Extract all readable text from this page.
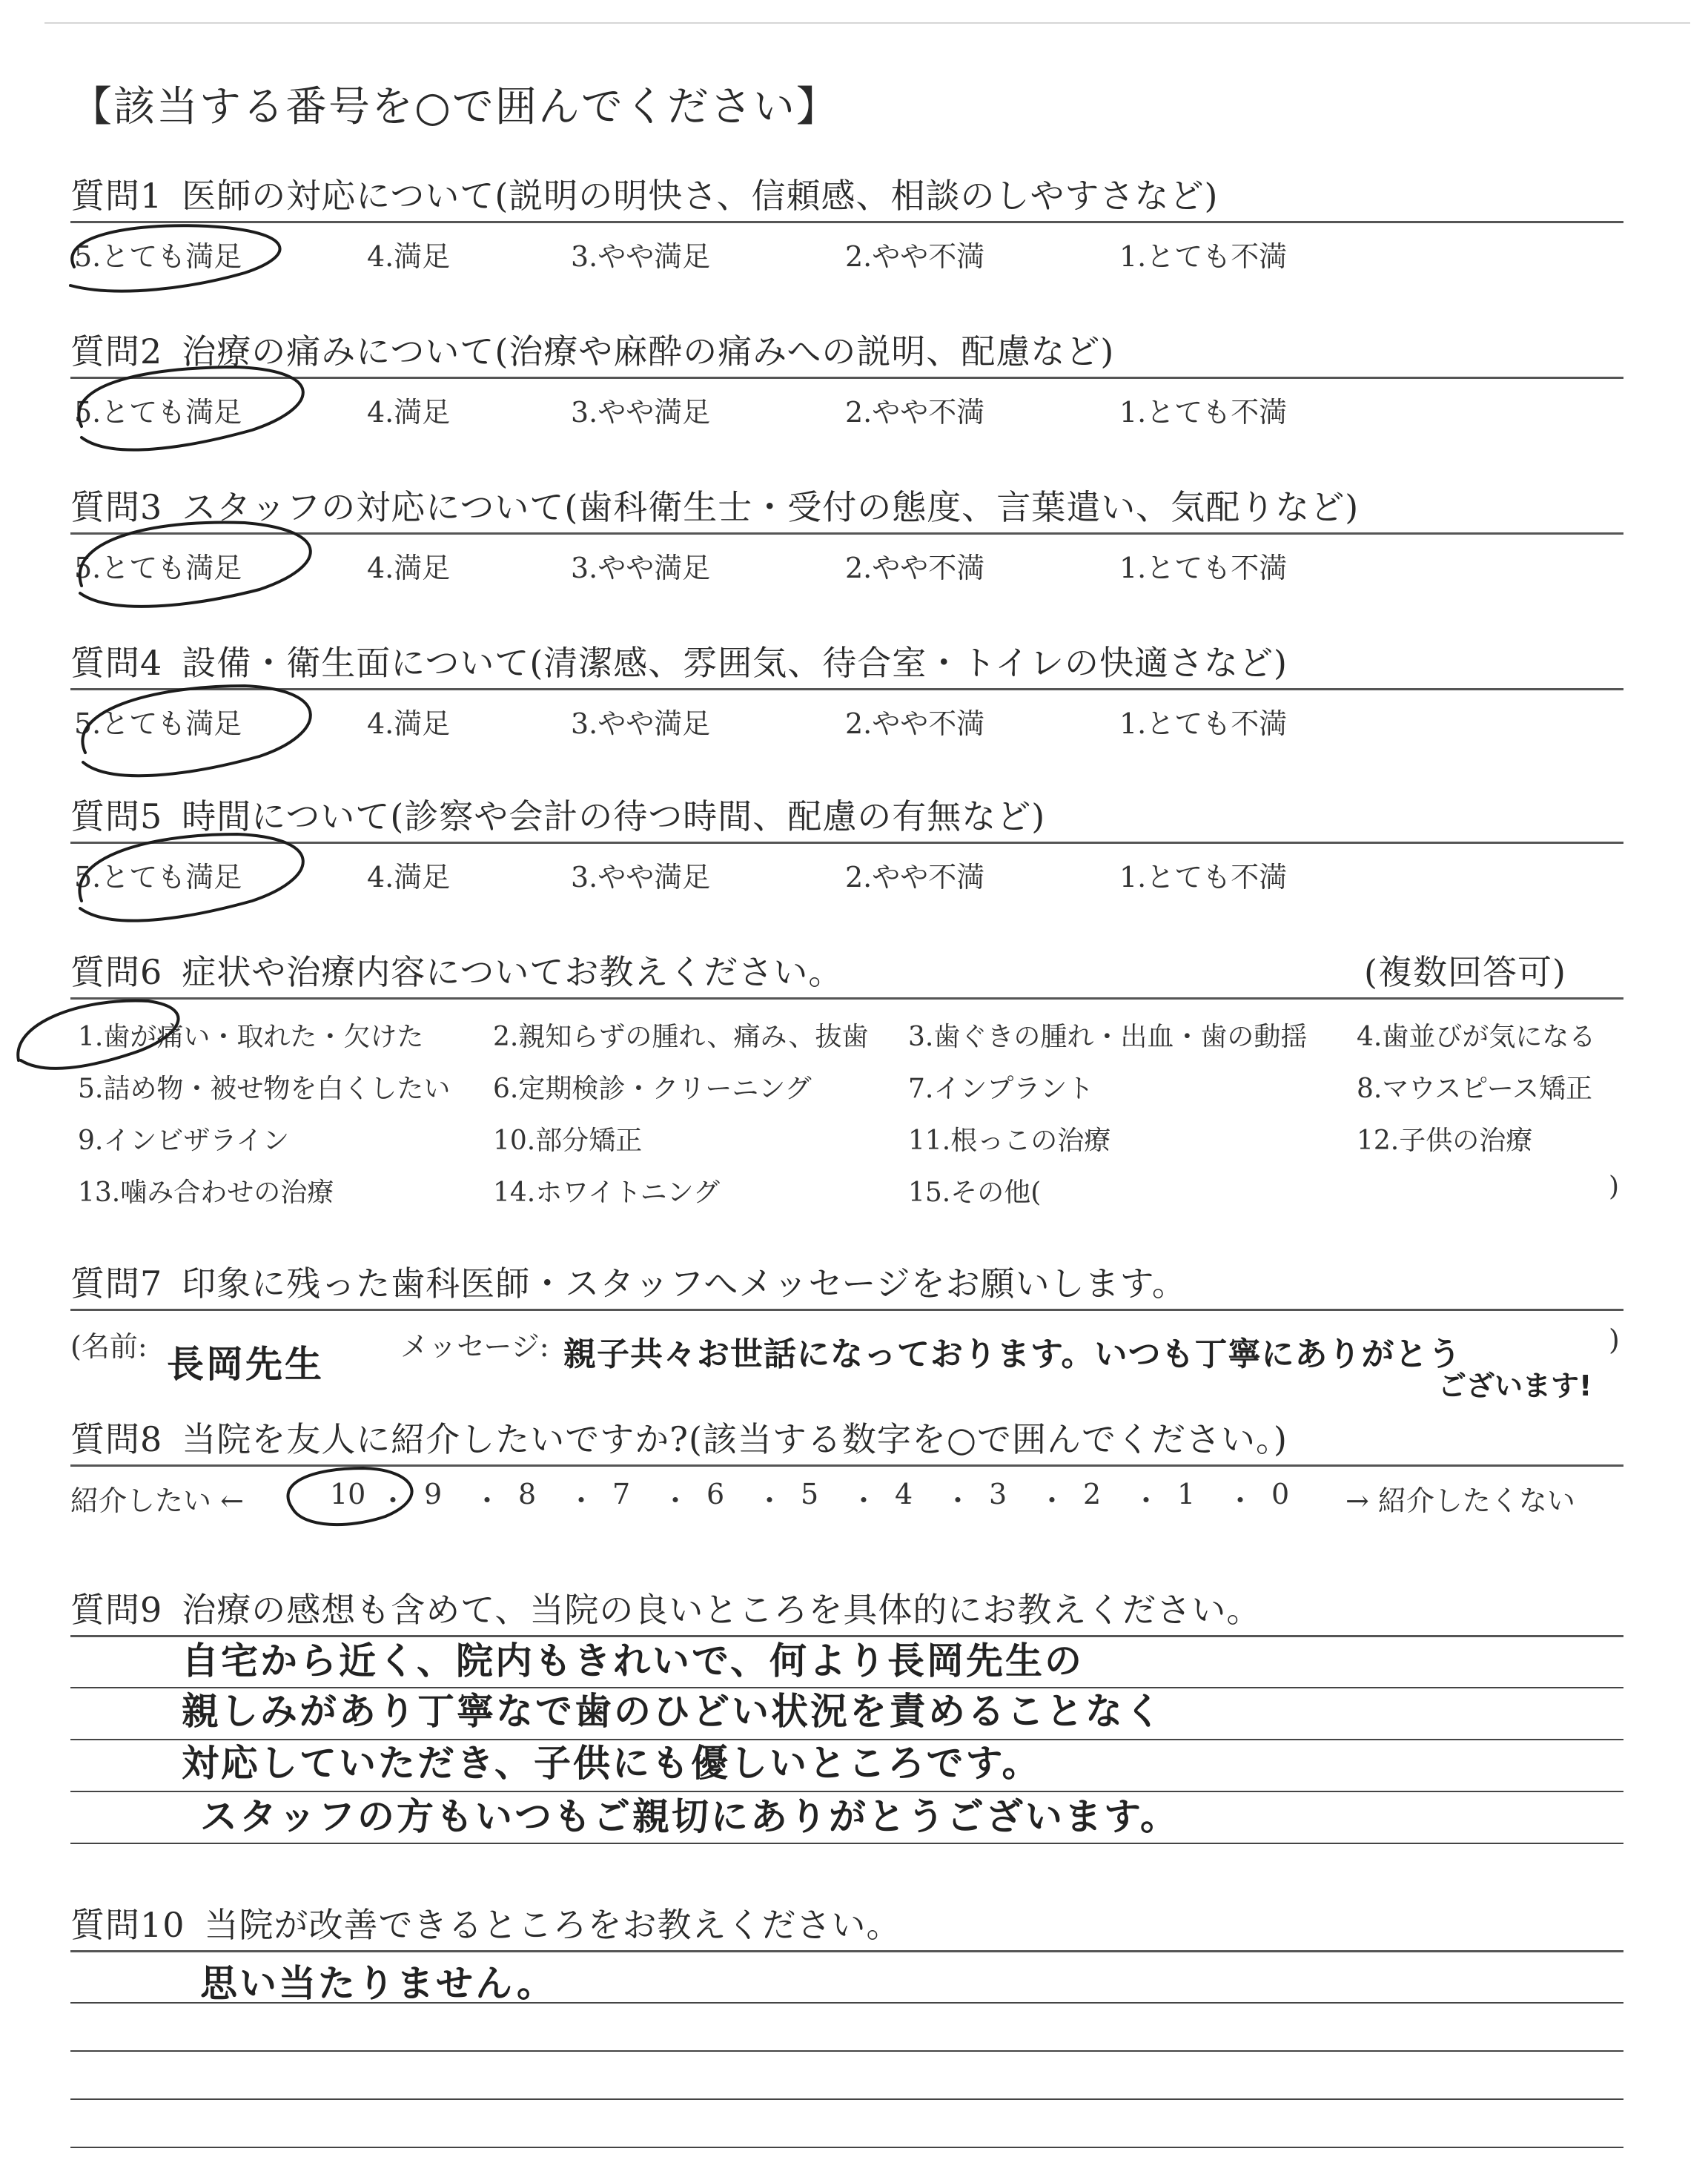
【該当する番号を○で囲んでください】
質問1 医師の対応について(説明の明快さ、信頼感、相談のしやすさなど)
5.とても満足	4.満足	3.やや満足	2.やや不満	1.とても不満
質問2 治療の痛みについて(治療や麻酔の痛みへの説明、配慮など)
5.とても満足	4.満足	3.やや満足	2.やや不満	1.とても不満
質問3 スタッフの対応について(歯科衛生士・受付の態度、言葉遣い、気配りなど)
5.とても満足	4.満足	3.やや満足	2.やや不満	1.とても不満
質問4 設備・衛生面について(清潔感、雰囲気、待合室・トイレの快適さなど)
5.とても満足	4.満足	3.やや満足	2.やや不満	1.とても不満
質問5 時間について(診察や会計の待つ時間、配慮の有無など)
5.とても満足	4.満足	3.やや満足	2.やや不満	1.とても不満
質問6 症状や治療内容についてお教えください。	(複数回答可)
1.歯が痛い・取れた・欠けた	2.親知らずの腫れ、痛み、抜歯 3.歯ぐきの腫れ・出血・歯の動揺 4.歯並びが気になる
5.詰め物・被せ物を白くしたい 6.定期検診・クリーニング	7.インプラント	8.マウスピース矯正
9.インビザライン	10.部分矯正	11.根っこの治療	12.子供の治療
13.噛み合わせの治療	14.ホワイトニング	15.その他(	)
質問7 印象に残った歯科医師・スタッフへメッセージをお願いします。
(名前: 長岡先生	メッセージ: 親子共々お世話になっております。いつも丁寧にありがとう
ございます!
)
質問8 当院を友人に紹介したいですか?(該当する数字を○で囲んでください。)
紹介したい ←	10 ・ 9 ・ 8 ・ 7 ・ 6 ・ 5 ・ 4 ・ 3 ・ 2 ・ 1 ・ 0 → 紹介したくない
質問9 治療の感想も含めて、当院の良いところを具体的にお教えください。
自宅から近く、院内もきれいで、何より長岡先生の
親しみがあり丁寧なで歯のひどい状況を責めることなく
対応していただき、子供にも優しいところです。
スタッフの方もいつもご親切にありがとうございます。
質問10 当院が改善できるところをお教えください。
思い当たりません。
